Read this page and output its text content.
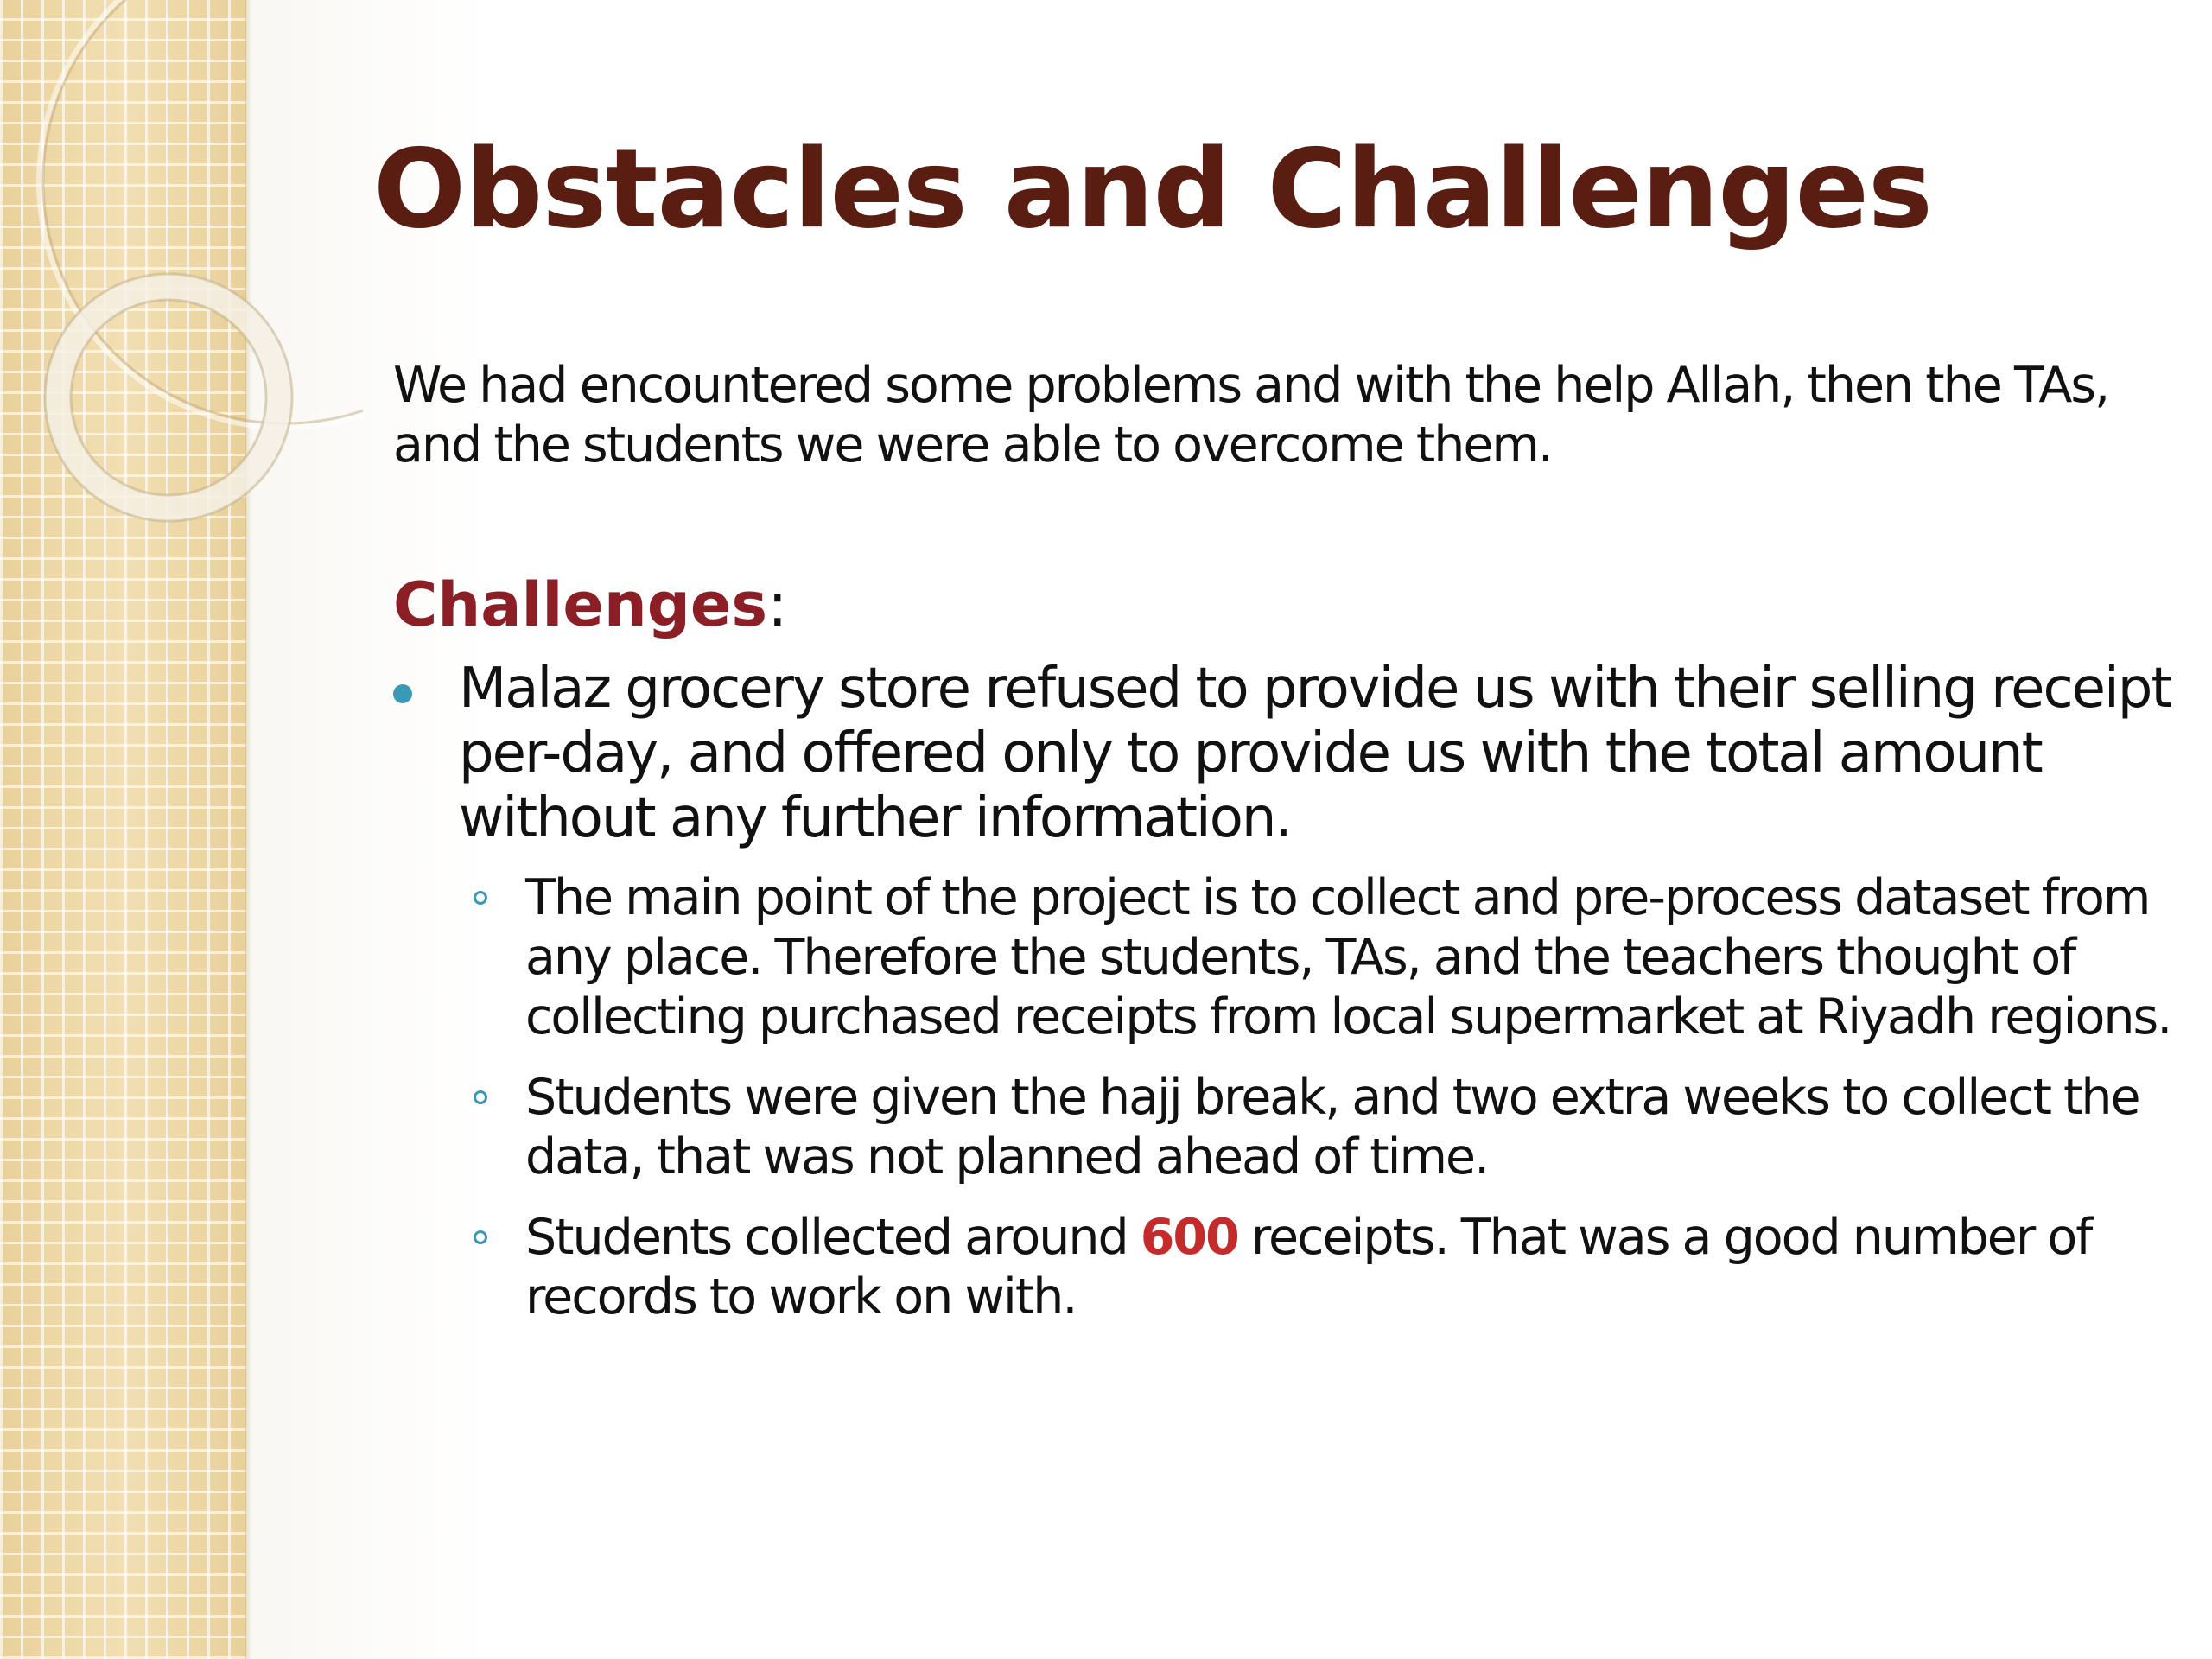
Obstacles and Challenges

We had encountered some problems and with the help Allah, then the TAs, and the students we were able to overcome them.

Challenges:

Malaz grocery store refused to provide us with their selling receipt per-day, and offered only to provide us with the total amount without any further information.
The main point of the project is to collect and pre-process dataset from any place. Therefore the students, TAs, and the teachers thought of collecting purchased receipts from local supermarket at Riyadh regions.
Students were given the hajj break, and two extra weeks to collect the data, that was not planned ahead of time.
Students collected around 600 receipts. That was a good number of records to work on with.
